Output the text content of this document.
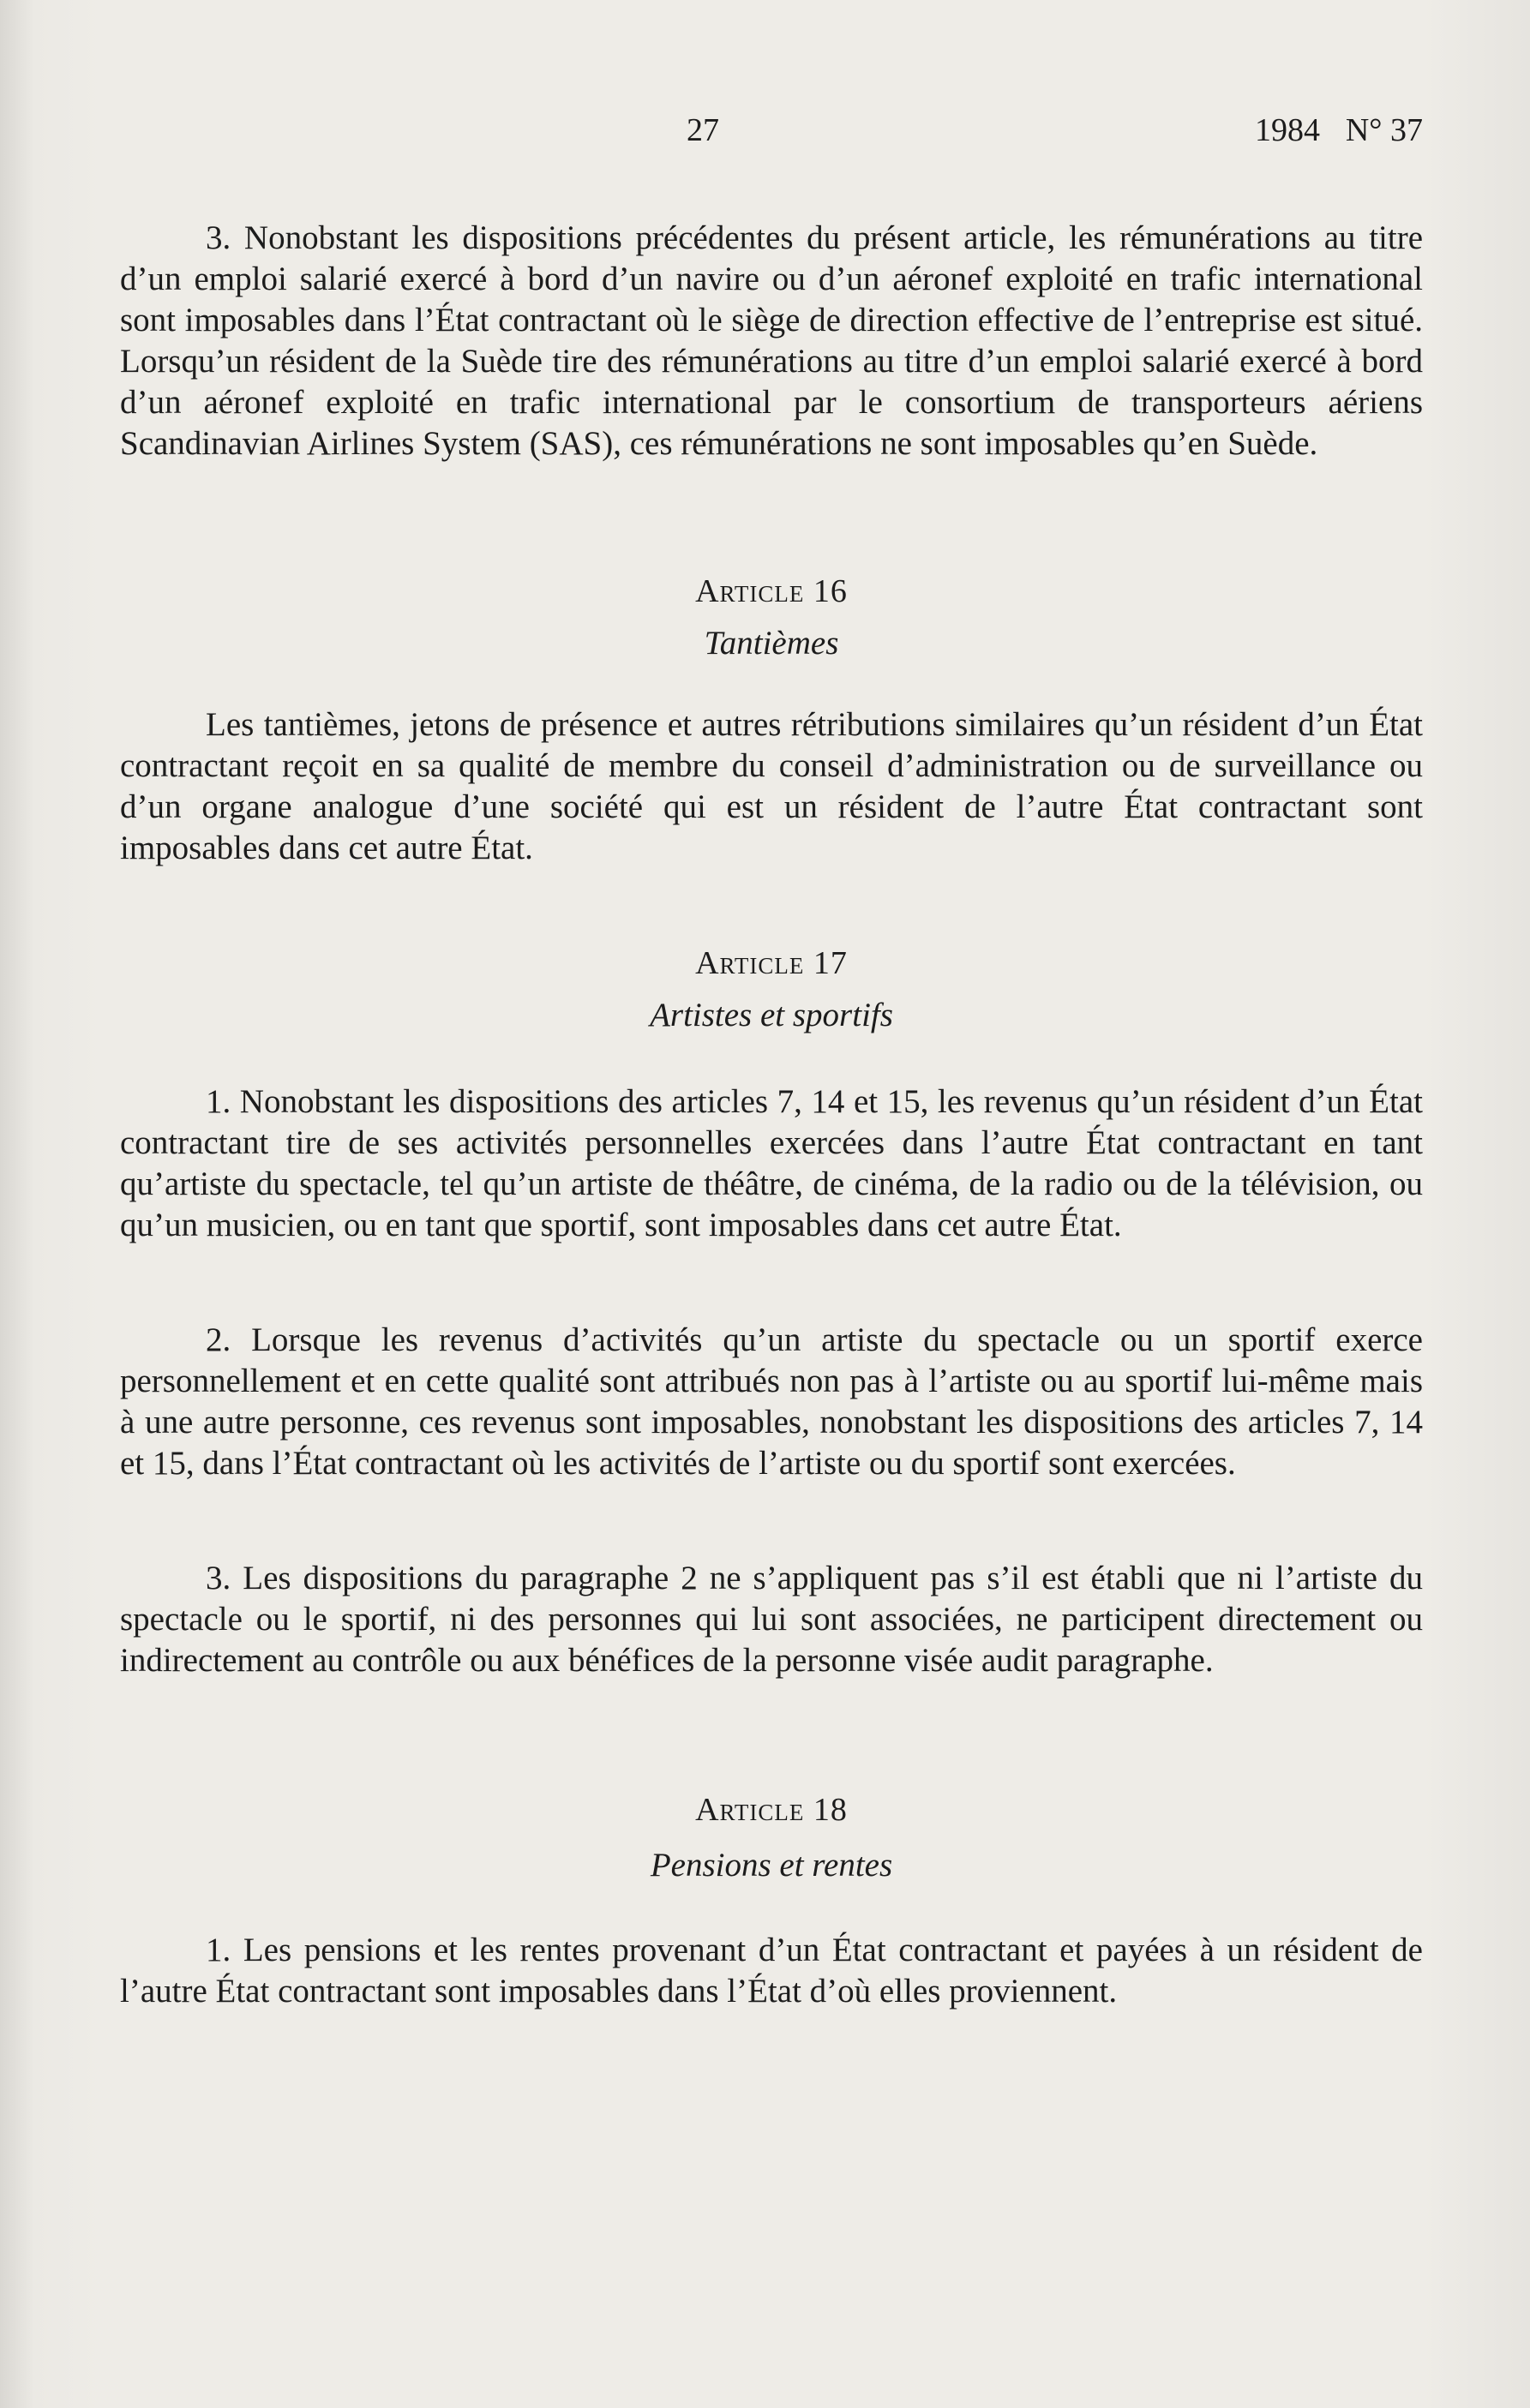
27	1984 N° 37

3. Nonobstant les dispositions précédentes du présent article, les rémunérations au titre d’un emploi salarié exercé à bord d’un navire ou d’un aéronef exploité en trafic international sont imposables dans l’État contractant où le siège de direction effective de l’entreprise est situé. Lorsqu’un résident de la Suède tire des rémunérations au titre d’un emploi salarié exercé à bord d’un aéronef exploité en trafic international par le consortium de transporteurs aériens Scandinavian Airlines System (SAS), ces rémunérations ne sont imposables qu’en Suède.

Article 16
Tantièmes

Les tantièmes, jetons de présence et autres rétributions similaires qu’un résident d’un État contractant reçoit en sa qualité de membre du conseil d’administration ou de surveillance ou d’un organe analogue d’une société qui est un résident de l’autre État contractant sont imposables dans cet autre État.

Article 17
Artistes et sportifs

1. Nonobstant les dispositions des articles 7, 14 et 15, les revenus qu’un résident d’un État contractant tire de ses activités personnelles exercées dans l’autre État contractant en tant qu’artiste du spectacle, tel qu’un artiste de théâtre, de cinéma, de la radio ou de la télévision, ou qu’un musicien, ou en tant que sportif, sont imposables dans cet autre État.

2. Lorsque les revenus d’activités qu’un artiste du spectacle ou un sportif exerce personnellement et en cette qualité sont attribués non pas à l’artiste ou au sportif lui-même mais à une autre personne, ces revenus sont imposables, nonobstant les dispositions des articles 7, 14 et 15, dans l’État contractant où les activités de l’artiste ou du sportif sont exercées.

3. Les dispositions du paragraphe 2 ne s’appliquent pas s’il est établi que ni l’artiste du spectacle ou le sportif, ni des personnes qui lui sont associées, ne participent directement ou indirectement au contrôle ou aux bénéfices de la personne visée audit paragraphe.

Article 18
Pensions et rentes

1. Les pensions et les rentes provenant d’un État contractant et payées à un résident de l’autre État contractant sont imposables dans l’État d’où elles proviennent.
